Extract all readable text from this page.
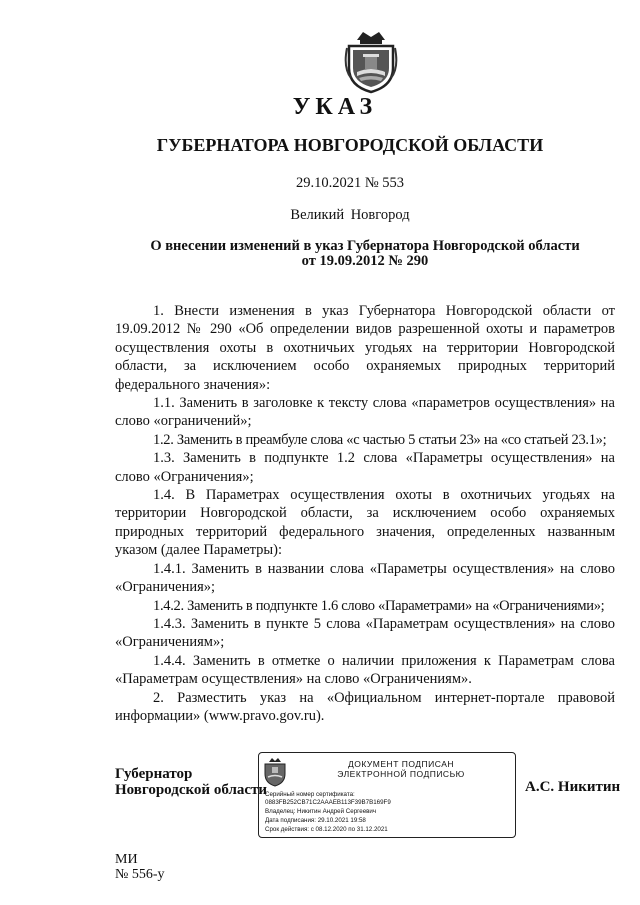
УКАЗ
ГУБЕРНАТОРА НОВГОРОДСКОЙ ОБЛАСТИ
29.10.2021 № 553
Великий Новгород
О внесении изменений в указ Губернатора Новгородской области
от 19.09.2012 № 290

1. Внести изменения в указ Губернатора Новгородской области от 19.09.2012 № 290 «Об определении видов разрешенной охоты и параметров осуществления охоты в охотничьих угодьях на территории Новгородской области, за исключением особо охраняемых природных территорий федерального значения»:

1.1. Заменить в заголовке к тексту слова «параметров осуществления» на слово «ограничений»;

1.2. Заменить в преамбуле слова «с частью 5 статьи 23» на «со статьей 23.1»;

1.3. Заменить в подпункте 1.2 слова «Параметры осуществления» на слово «Ограничения»;

1.4. В Параметрах осуществления охоты в охотничьих угодьях на территории Новгородской области, за исключением особо охраняемых природных территорий федерального значения, определенных названным указом (далее Параметры):

1.4.1. Заменить в названии слова «Параметры осуществления» на слово «Ограничения»;

1.4.2. Заменить в подпункте 1.6 слово «Параметрами» на «Ограничениями»;

1.4.3. Заменить в пункте 5 слова «Параметрам осуществления» на слово «Ограничениям»;

1.4.4. Заменить в отметке о наличии приложения к Параметрам слова «Параметрам осуществления» на слово «Ограничениям».

2. Разместить указ на «Официальном интернет-портале правовой информации» (www.pravo.gov.ru).

Губернатор
Новгородской области
ДОКУМЕНТ ПОДПИСАН
ЭЛЕКТРОННОЙ ПОДПИСЬЮ
Серийный номер сертификата:
0883FB252CB71C2AAAEB113F39B7B169F9
Владелец: Никитин Андрей Сергеевич
Дата подписания: 29.10.2021 19:58
Срок действия: с 08.12.2020 по 31.12.2021
А.С. Никитин
МИ
№ 556-у
